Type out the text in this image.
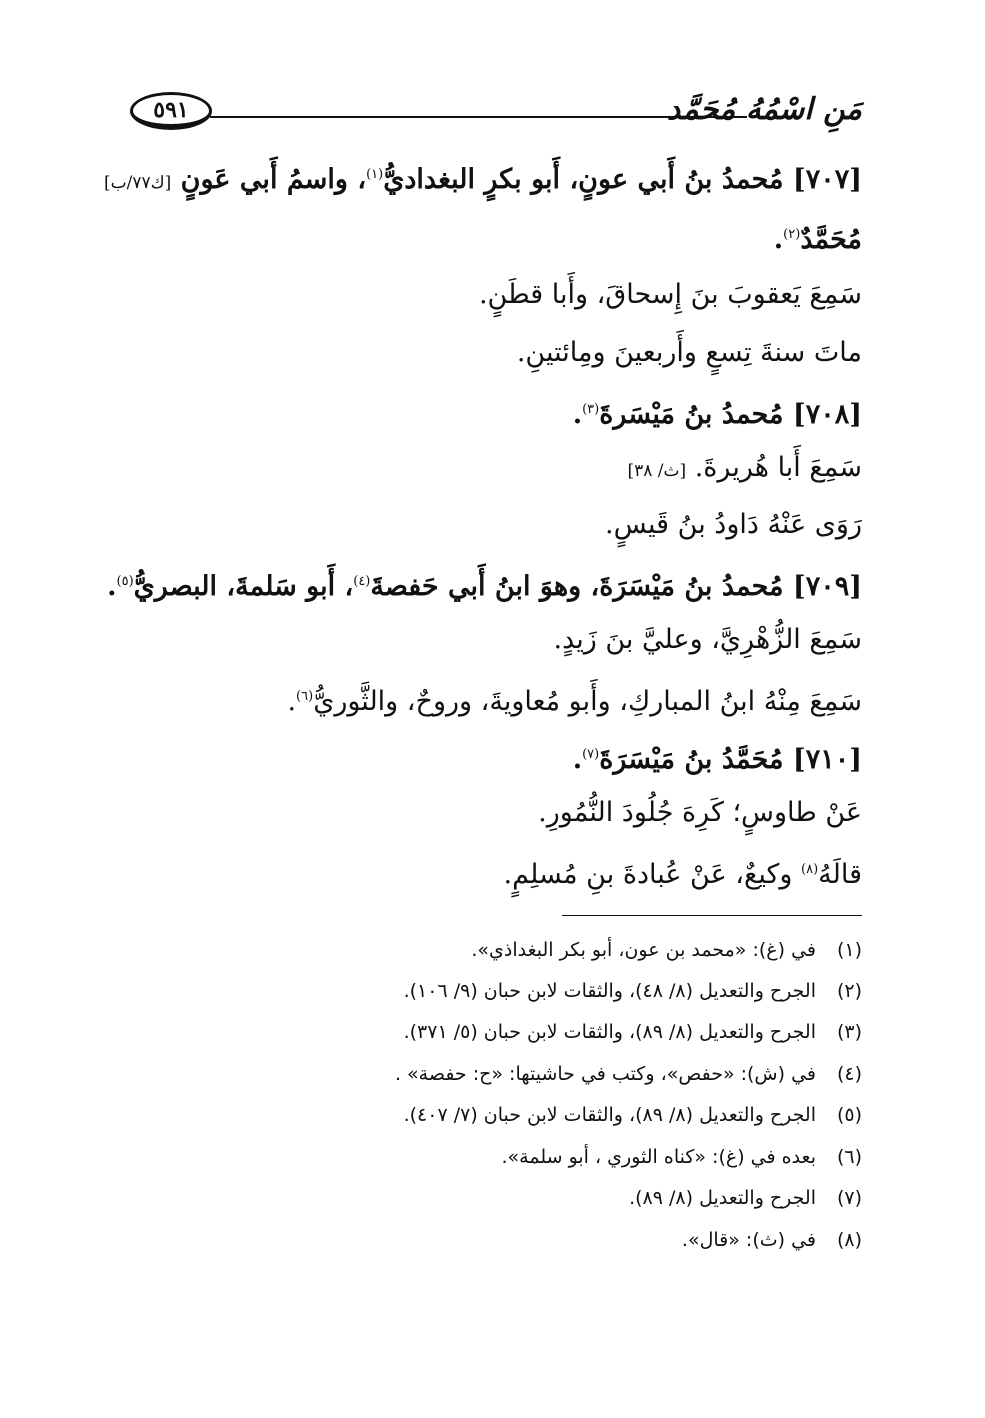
٥٩١	مَنِ اسْمُهُ مُحَمَّد
[٧٠٧] مُحمدُ بنُ أَبي عونٍ، أَبو بكرٍ البغداديُّ$^{(١)}$، واسمُ أَبي عَونٍ [ك٧٧/ب]
مُحَمَّدٌ$^{(٢)}$.
سَمِعَ يَعقوبَ بنَ إِسحاقَ، وأَبا قطَنٍ.
ماتَ سنةَ تِسعٍ وأَربعينَ ومِائتينِ.
[٧٠٨] مُحمدُ بنُ مَيْسَرةَ$^{(٣)}$.
سَمِعَ أَبا هُريرةَ. [ث/ ٣٨]
رَوَى عَنْهُ دَاودُ بنُ قَيسٍ.
[٧٠٩] مُحمدُ بنُ مَيْسَرَةَ، وهوَ ابنُ أَبي حَفصةَ$^{(٤)}$، أَبو سَلمةَ، البصريُّ$^{(٥)}$.
سَمِعَ الزُّهْرِيَّ، وعليَّ بنَ زَيدٍ.
سَمِعَ مِنْهُ ابنُ المباركِ، وأَبو مُعاويةَ، وروحٌ، والثَّوريُّ$^{(٦)}$.
[٧١٠] مُحَمَّدُ بنُ مَيْسَرَةَ$^{(٧)}$.
عَنْ طاوسٍ؛ كَرِهَ جُلُودَ النُّمُورِ.
قالَهُ$^{(٨)}$ وكيعٌ، عَنْ عُبادةَ بنِ مُسلِمٍ.
(١)في (غ): «محمد بن عون، أبو بكر البغداذي».
(٢)الجرح والتعديل (٨/ ٤٨)، والثقات لابن حبان (٩/ ١٠٦).
(٣)الجرح والتعديل (٨/ ٨٩)، والثقات لابن حبان (٥/ ٣٧١).
(٤)في (ش): «حفص»، وكتب في حاشيتها: «ح: حفصة» .
(٥)الجرح والتعديل (٨/ ٨٩)، والثقات لابن حبان (٧/ ٤٠٧).
(٦)بعده في (غ): «كناه الثوري ، أبو سلمة».
(٧)الجرح والتعديل (٨/ ٨٩).
(٨)في (ث): «قال».
